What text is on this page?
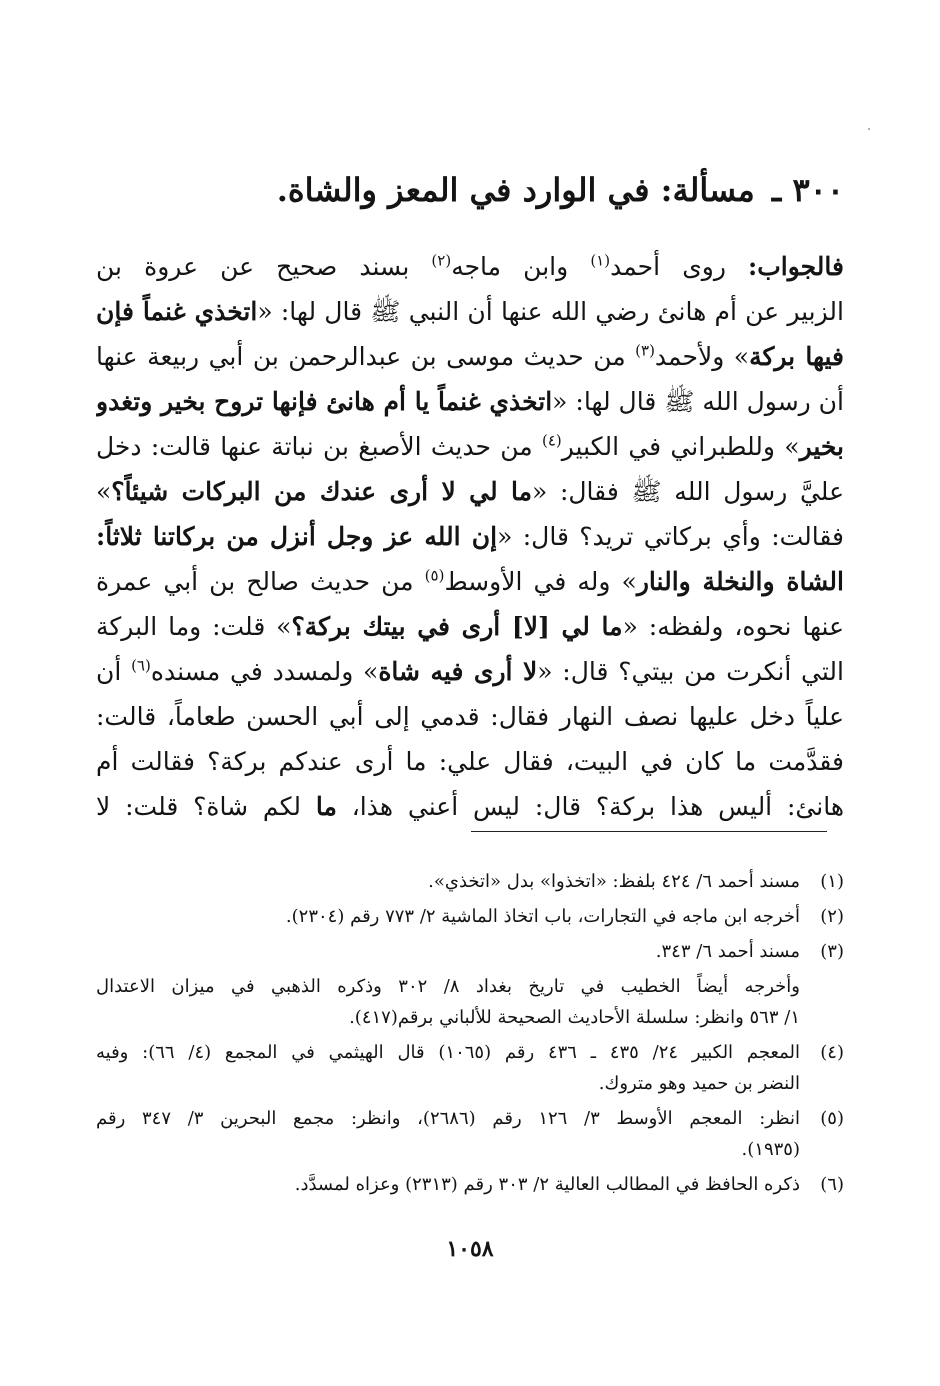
٣٠٠ ـ مسألة: في الوارد في المعز والشاة.
فالجواب: روى أحمد$^{(١)}$ وابن ماجه$^{(٢)}$ بسند صحيح عن عروة بن
الزبير عن أم هانئ رضي الله عنها أن النبي ﷺ قال لها: «اتخذي غنماً فإن
فيها بركة» ولأحمد$^{(٣)}$ من حديث موسى بن عبدالرحمن بن أبي ربيعة عنها
أن رسول الله ﷺ قال لها: «اتخذي غنماً يا أم هانئ فإنها تروح بخير وتغدو
بخير» وللطبراني في الكبير$^{(٤)}$ من حديث الأصبغ بن نباتة عنها قالت: دخل
عليَّ رسول الله ﷺ فقال: «ما لي لا أرى عندك من البركات شيئاً؟»
فقالت: وأي بركاتي تريد؟ قال: «إن الله عز وجل أنزل من بركاتنا ثلاثاً:
الشاة والنخلة والنار» وله في الأوسط$^{(٥)}$ من حديث صالح بن أبي عمرة
عنها نحوه، ولفظه: «ما لي [لا] أرى في بيتك بركة؟» قلت: وما البركة
التي أنكرت من بيتي؟ قال: «لا أرى فيه شاة» ولمسدد في مسنده$^{(٦)}$ أن
علياً دخل عليها نصف النهار فقال: قدمي إلى أبي الحسن طعاماً، قالت:
فقدَّمت ما كان في البيت، فقال علي: ما أرى عندكم بركة؟ فقالت أم
هانئ: أليس هذا بركة؟ قال: ليس أعني هذا، ما لكم شاة؟ قلت: لا
(١)
مسند أحمد ٦/ ٤٢٤ بلفظ: «اتخذوا» بدل «اتخذي».
(٢)
أخرجه ابن ماجه في التجارات، باب اتخاذ الماشية ٢/ ٧٧٣ رقم (٢٣٠٤).
(٣)
مسند أحمد ٦/ ٣٤٣.
وأخرجه أيضاً الخطيب في تاريخ بغداد ٨/ ٣٠٢ وذكره الذهبي في ميزان الاعتدال
١/ ٥٦٣ وانظر: سلسلة الأحاديث الصحيحة للألباني برقم(٤١٧).
(٤)
المعجم الكبير ٢٤/ ٤٣٥ ـ ٤٣٦ رقم (١٠٦٥) قال الهيثمي في المجمع (٤/ ٦٦): وفيه
النضر بن حميد وهو متروك.
(٥)
انظر: المعجم الأوسط ٣/ ١٢٦ رقم (٢٦٨٦)، وانظر: مجمع البحرين ٣/ ٣٤٧ رقم
(١٩٣٥).
(٦)
ذكره الحافظ في المطالب العالية ٢/ ٣٠٣ رقم (٢٣١٣) وعزاه لمسدَّد.
١٠٥٨
